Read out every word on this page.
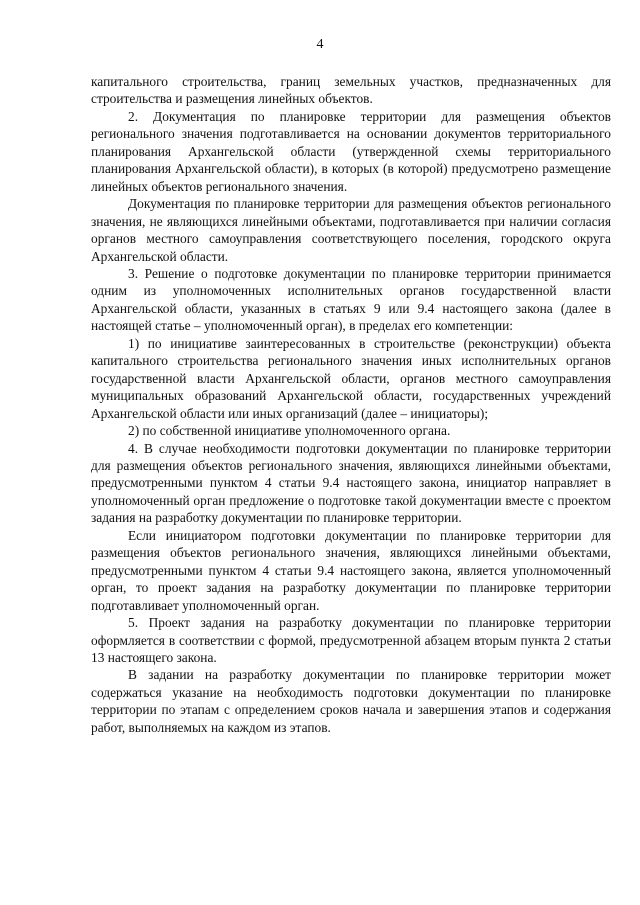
4

капитального строительства, границ земельных участков, предназначенных для строительства и размещения линейных объектов.

2. Документация по планировке территории для размещения объектов регионального значения подготавливается на основании документов территориального планирования Архангельской области (утвержденной схемы территориального планирования Архангельской области), в которых (в которой) предусмотрено размещение линейных объектов регионального значения.

Документация по планировке территории для размещения объектов регионального значения, не являющихся линейными объектами, подготавливается при наличии согласия органов местного самоуправления соответствующего поселения, городского округа Архангельской области.

3. Решение о подготовке документации по планировке территории принимается одним из уполномоченных исполнительных органов государственной власти Архангельской области, указанных в статьях 9 или 9.4 настоящего закона (далее в настоящей статье – уполномоченный орган), в пределах его компетенции:

1) по инициативе заинтересованных в строительстве (реконструкции) объекта капитального строительства регионального значения иных исполнительных органов государственной власти Архангельской области, органов местного самоуправления муниципальных образований Архангельской области, государственных учреждений Архангельской области или иных организаций (далее – инициаторы);

2) по собственной инициативе уполномоченного органа.

4. В случае необходимости подготовки документации по планировке территории для размещения объектов регионального значения, являющихся линейными объектами, предусмотренными пунктом 4 статьи 9.4 настоящего закона, инициатор направляет в уполномоченный орган предложение о подготовке такой документации вместе с проектом задания на разработку документации по планировке территории.

Если инициатором подготовки документации по планировке территории для размещения объектов регионального значения, являющихся линейными объектами, предусмотренными пунктом 4 статьи 9.4 настоящего закона, является уполномоченный орган, то проект задания на разработку документации по планировке территории подготавливает уполномоченный орган.

5. Проект задания на разработку документации по планировке территории оформляется в соответствии с формой, предусмотренной абзацем вторым пункта 2 статьи 13 настоящего закона.

В задании на разработку документации по планировке территории может содержаться указание на необходимость подготовки документации по планировке территории по этапам с определением сроков начала и завершения этапов и содержания работ, выполняемых на каждом из этапов.
